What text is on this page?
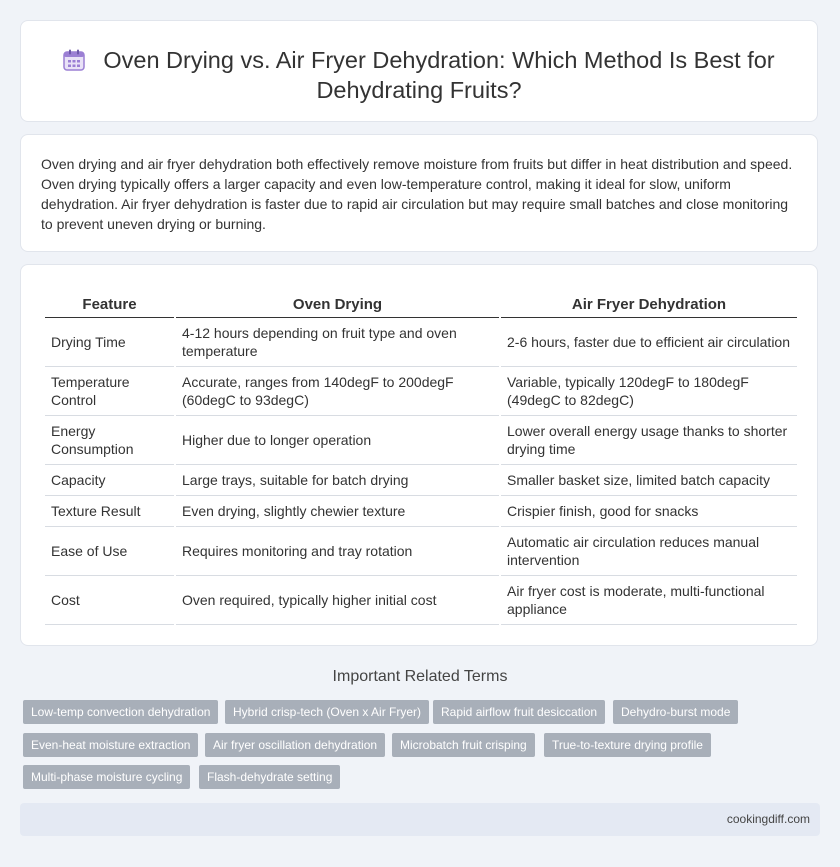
Oven Drying vs. Air Fryer Dehydration: Which Method Is Best for Dehydrating Fruits?

Oven drying and air fryer dehydration both effectively remove moisture from fruits but differ in heat distribution and speed. Oven drying typically offers a larger capacity and even low-temperature control, making it ideal for slow, uniform dehydration. Air fryer dehydration is faster due to rapid air circulation but may require small batches and close monitoring to prevent uneven drying or burning.

Feature	Oven Drying	Air Fryer Dehydration
Drying Time	4-12 hours depending on fruit type and oven temperature	2-6 hours, faster due to efficient air circulation
Temperature Control	Accurate, ranges from 140degF to 200degF (60degC to 93degC)	Variable, typically 120degF to 180degF (49degC to 82degC)
Energy Consumption	Higher due to longer operation	Lower overall energy usage thanks to shorter drying time
Capacity	Large trays, suitable for batch drying	Smaller basket size, limited batch capacity
Texture Result	Even drying, slightly chewier texture	Crispier finish, good for snacks
Ease of Use	Requires monitoring and tray rotation	Automatic air circulation reduces manual intervention
Cost	Oven required, typically higher initial cost	Air fryer cost is moderate, multi-functional appliance
Important Related Terms
Low-temp convection dehydration	Hybrid crisp-tech (Oven x Air Fryer)	Rapid airflow fruit desiccation	Dehydro-burst mode
Even-heat moisture extraction	Air fryer oscillation dehydration	Microbatch fruit crisping	True-to-texture drying profile
Multi-phase moisture cycling	Flash-dehydrate setting
cookingdiff.com
